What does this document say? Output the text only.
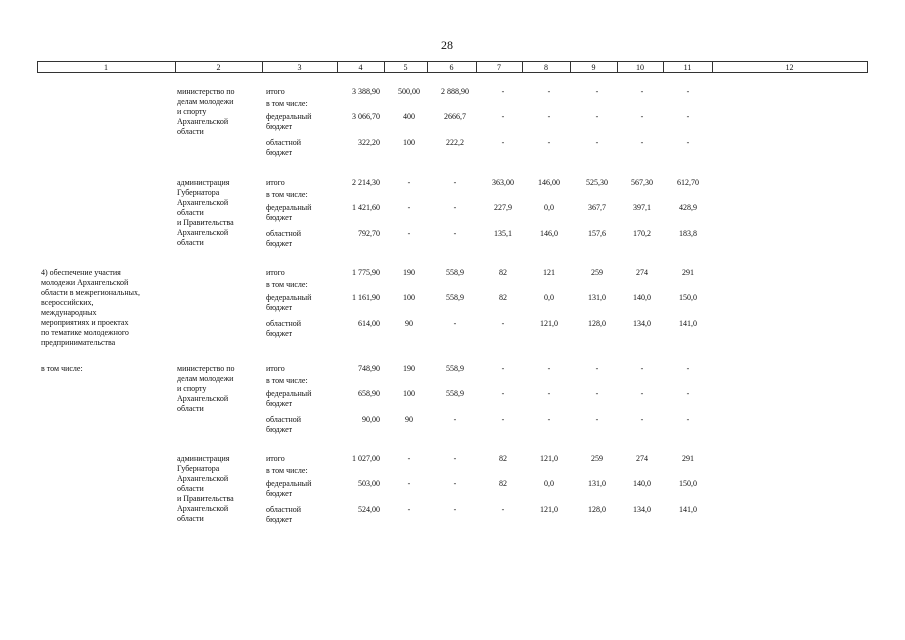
28
1	2	3	4	5	6	7	8	9	10	11	12
министерство по
делам молодежи
и спорту
Архангельской
области
итого	3 388,90	500,00	2 888,90	-	-	-	-	-
в том числе:
федеральный
бюджет
3 066,70	400	2666,7	-	-	-	-	-
областной
бюджет
322,20	100	222,2	-	-	-	-	-
администрация
Губернатора
Архангельской
области
и Правительства
Архангельской
области
итого	2 214,30	-	-	363,00	146,00	525,30	567,30	612,70
в том числе:
федеральный
бюджет
1 421,60	-	-	227,9	0,0	367,7	397,1	428,9
областной
бюджет
792,70	-	-	135,1	146,0	157,6	170,2	183,8
4) обеспечение участия
молодежи Архангельской
области в межрегиональных,
всероссийских,
международных
мероприятиях и проектах
по тематике молодежного
предпринимательства
итого	1 775,90	190	558,9	82	121	259	274	291
в том числе:
федеральный
бюджет
1 161,90	100	558,9	82	0,0	131,0	140,0	150,0
областной
бюджет
614,00	90	-	-	121,0	128,0	134,0	141,0
в том числе:	министерство по
делам молодежи
и спорту
Архангельской
области
итого	748,90	190	558,9	-	-	-	-	-
в том числе:
федеральный
бюджет
658,90	100	558,9	-	-	-	-	-
областной
бюджет
90,00	90	-	-	-	-	-	-
администрация
Губернатора
Архангельской
области
и Правительства
Архангельской
области
итого	1 027,00	-	-	82	121,0	259	274	291
в том числе:
федеральный
бюджет
503,00	-	-	82	0,0	131,0	140,0	150,0
областной
бюджет
524,00	-	-	-	121,0	128,0	134,0	141,0
